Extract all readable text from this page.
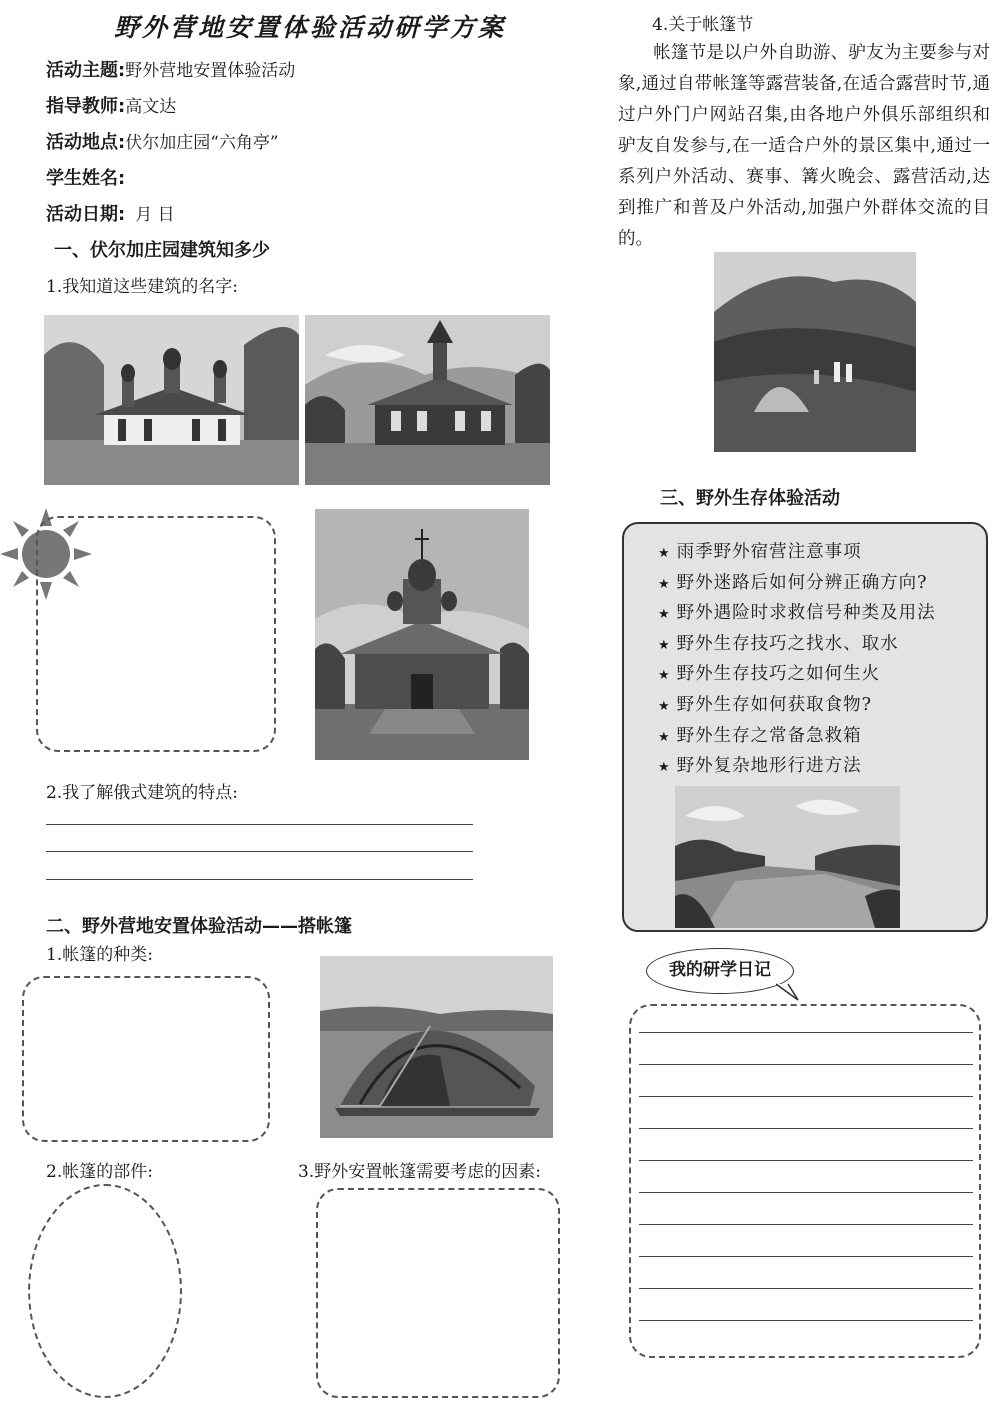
野外营地安置体验活动研学方案
活动主题:野外营地安置体验活动
指导教师:高文达
活动地点:伏尔加庄园“六角亭”
学生姓名:
活动日期: 月 日
一、伏尔加庄园建筑知多少
1.我知道这些建筑的名字:
2.我了解俄式建筑的特点:
二、野外营地安置体验活动——搭帐篷
1.帐篷的种类:
2.帐篷的部件:	3.野外安置帐篷需要考虑的因素:
4.关于帐篷节
帐篷节是以户外自助游、驴友为主要参与对象,通过自带帐篷等露营装备,在适合露营时节,通过户外门户网站召集,由各地户外俱乐部组织和驴友自发参与,在一适合户外的景区集中,通过一系列户外活动、赛事、篝火晚会、露营活动,达到推广和普及户外活动,加强户外群体交流的目的。
三、野外生存体验活动
★ 雨季野外宿营注意事项
★ 野外迷路后如何分辨正确方向?
★ 野外遇险时求救信号种类及用法
★ 野外生存技巧之找水、取水
★ 野外生存技巧之如何生火
★ 野外生存如何获取食物?
★ 野外生存之常备急救箱
★ 野外复杂地形行进方法
我的研学日记
